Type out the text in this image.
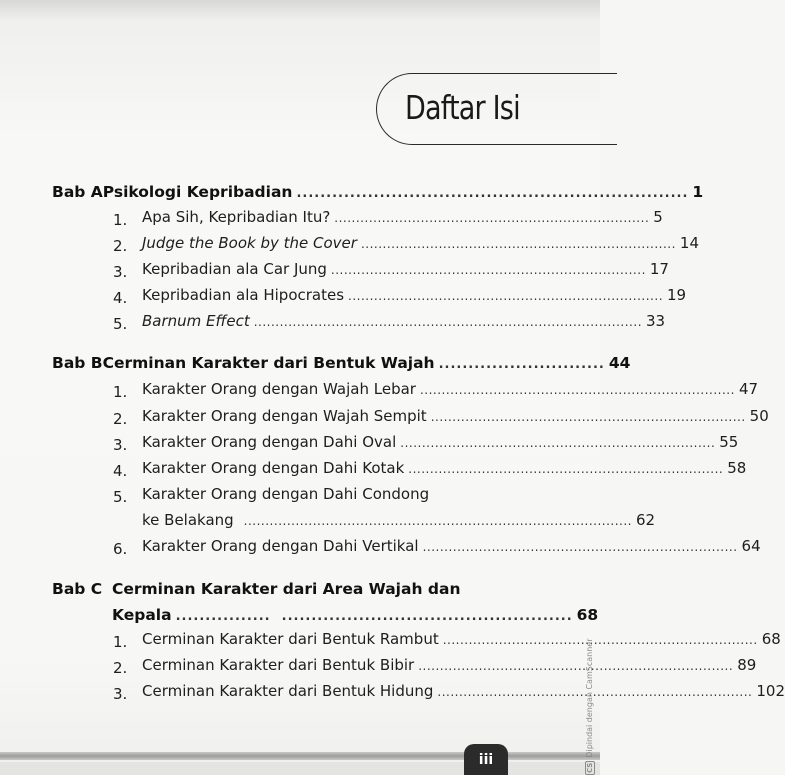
Daftar Isi
Bab A Psikologi Kepribadian .................................................................. 1
1. Apa Sih, Kepribadian Itu? ......................................................................... 5
2. Judge the Book by the Cover ......................................................................... 14
3. Kepribadian ala Car Jung ......................................................................... 17
4. Kepribadian ala Hipocrates ......................................................................... 19
5. Barnum Effect .......................................................................................... 33
Bab B Cerminan Karakter dari Bentuk Wajah ............................ 44
1. Karakter Orang dengan Wajah Lebar ......................................................................... 47
2. Karakter Orang dengan Wajah Sempit ......................................................................... 50
3. Karakter Orang dengan Dahi Oval ......................................................................... 55
4. Karakter Orang dengan Dahi Kotak ......................................................................... 58
5. Karakter Orang dengan Dahi Condong
ke Belakang .......................................................................................... 62
6. Karakter Orang dengan Dahi Vertikal ......................................................................... 64
Bab C Cerminan Karakter dari Area Wajah dan
Kepala ................  ................................................. 68
1. Cerminan Karakter dari Bentuk Rambut ......................................................................... 68
2. Cerminan Karakter dari Bentuk Bibir ......................................................................... 89
3. Cerminan Karakter dari Bentuk Hidung ......................................................................... 102
iii	CSDipindai dengan CamScanner
